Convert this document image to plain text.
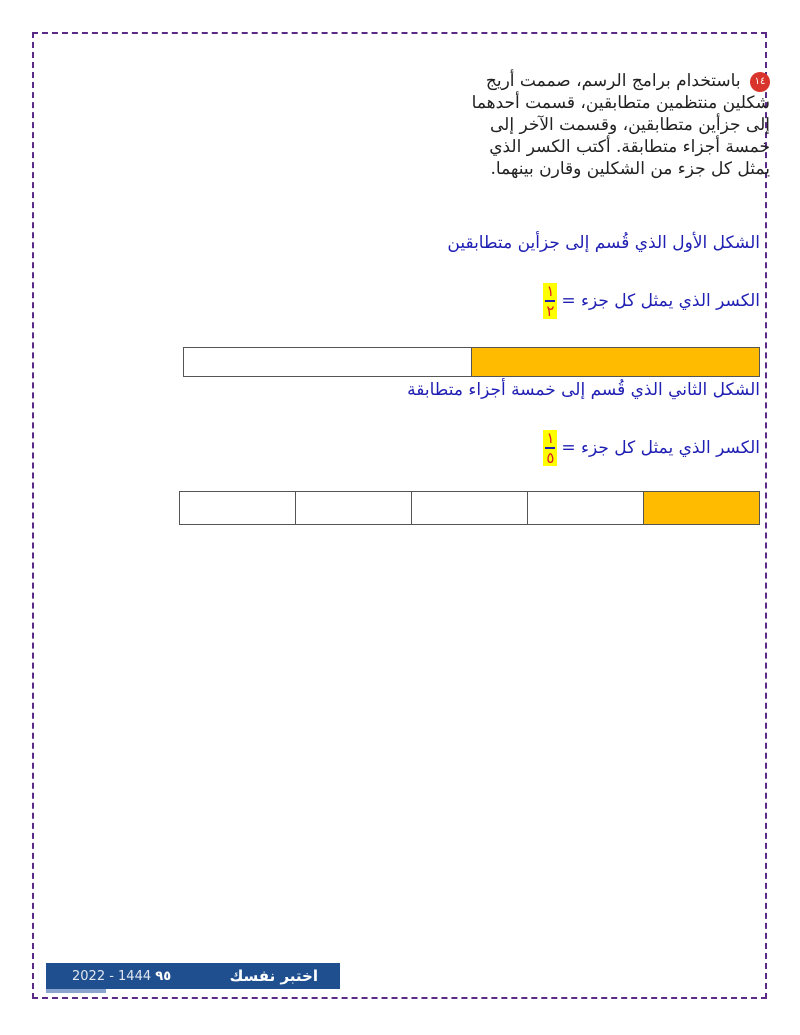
١٤ باستخدام برامج الرسم، صممت أريج
شكلين منتظمين متطابقين، قسمت أحدهما
إلى جزأين متطابقين، وقسمت الآخر إلى
خمسة أجزاء متطابقة. أكتب الكسر الذي
يمثل كل جزء من الشكلين وقارن بينهما.
الشكل الأول الذي قُسم إلى جزأين متطابقين
الكسر الذي يمثل كل جزء =
$\frac{١}{٢}$
الشكل الثاني الذي قُسم إلى خمسة أجزاء متطابقة
الكسر الذي يمثل كل جزء =
$\frac{١}{٥}$
2022 - 1444 ٩٥	اختبر نفسك
